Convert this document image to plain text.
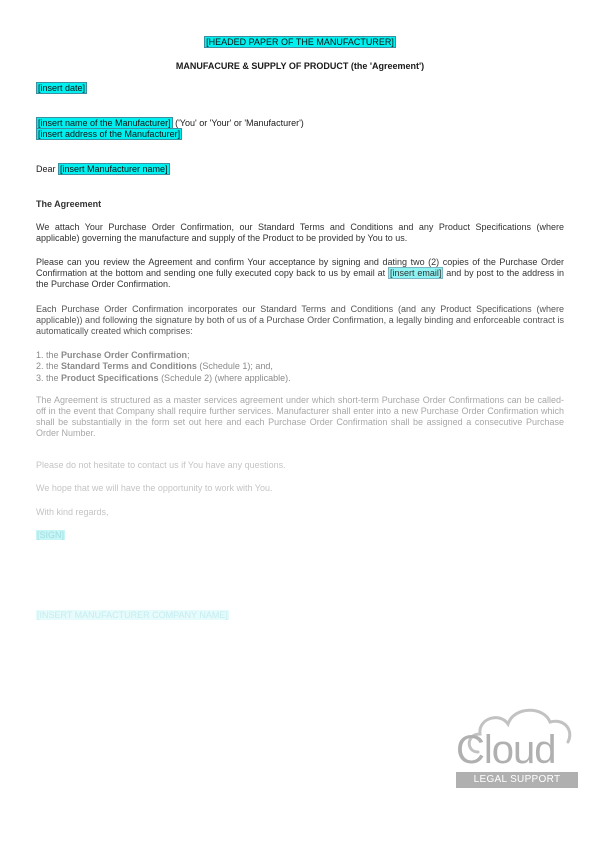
[HEADED PAPER OF THE MANUFACTURER]
MANUFACURE & SUPPLY OF PRODUCT (the 'Agreement')
[insert date]
[insert name of the Manufacturer] ('You' or 'Your' or 'Manufacturer')
[insert address of the Manufacturer]
Dear [insert Manufacturer name]
The Agreement
We attach Your Purchase Order Confirmation, our Standard Terms and Conditions and any Product Specifications (where applicable) governing the manufacture and supply of the Product to be provided by You to us.
Please can you review the Agreement and confirm Your acceptance by signing and dating two (2) copies of the Purchase Order Confirmation at the bottom and sending one fully executed copy back to us by email at [insert email] and by post to the address in the Purchase Order Confirmation.
Each Purchase Order Confirmation incorporates our Standard Terms and Conditions (and any Product Specifications (where applicable)) and following the signature by both of us of a Purchase Order Confirmation, a legally binding and enforceable contract is automatically created which comprises:
1. the Purchase Order Confirmation;
2. the Standard Terms and Conditions (Schedule 1); and,
3. the Product Specifications (Schedule 2) (where applicable).
The Agreement is structured as a master services agreement under which short-term Purchase Order Confirmations can be called-off in the event that Company shall require further services. Manufacturer shall enter into a new Purchase Order Confirmation which shall be substantially in the form set out here and each Purchase Order Confirmation shall be assigned a consecutive Purchase Order Number.
Please do not hesitate to contact us if You have any questions.
We hope that we will have the opportunity to work with You.
With kind regards,
[SIGN]
[INSERT MANUFACTURER COMPANY NAME]
Cloud
LEGAL SUPPORT
